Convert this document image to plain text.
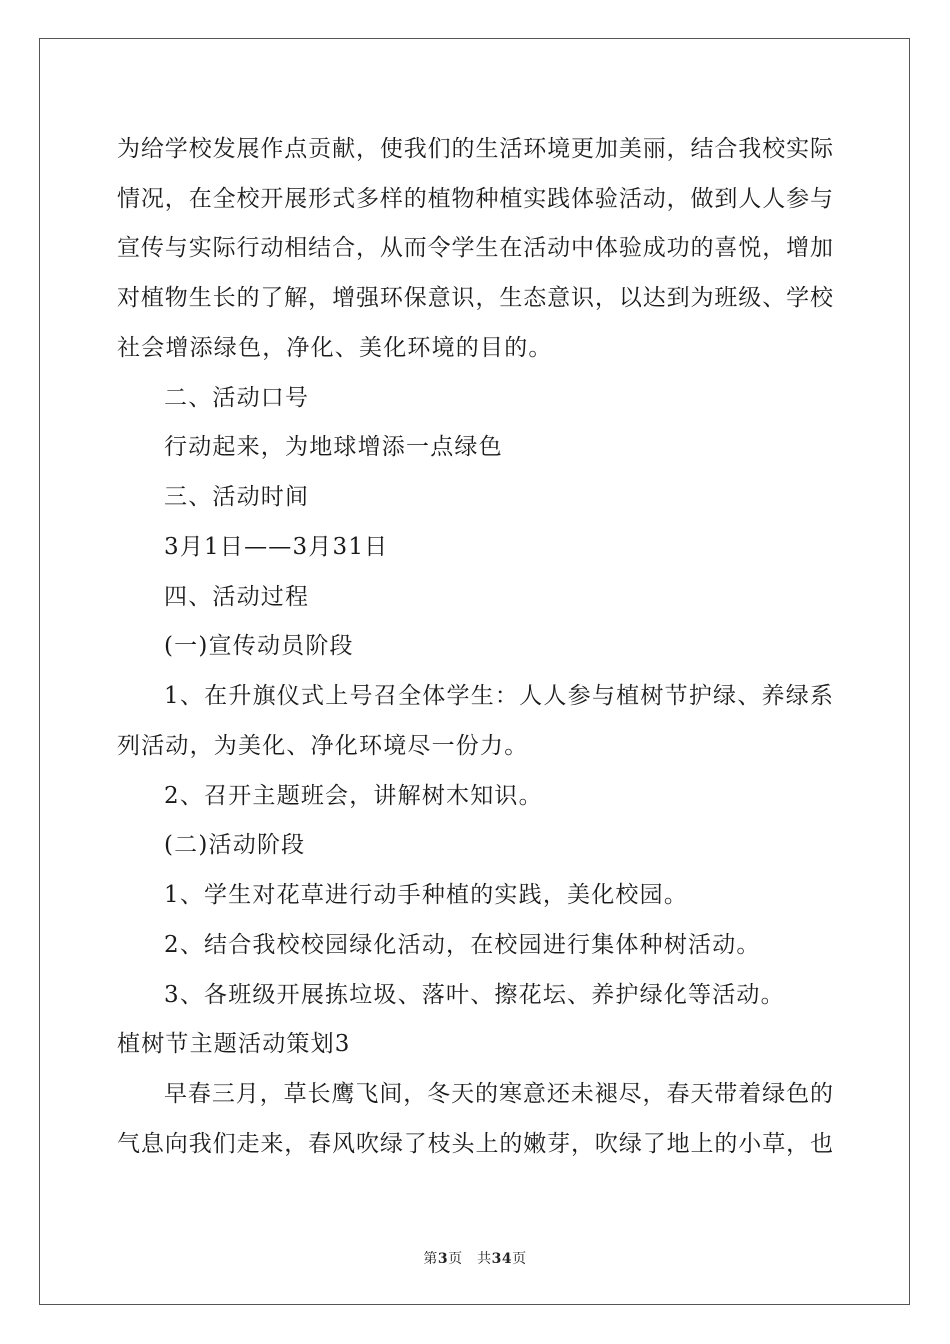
为给学校发展作点贡献，使我们的生活环境更加美丽，结合我校实际
情况，在全校开展形式多样的植物种植实践体验活动，做到人人参与
宣传与实际行动相结合，从而令学生在活动中体验成功的喜悦，增加
对植物生长的了解，增强环保意识，生态意识，以达到为班级、学校
社会增添绿色，净化、美化环境的目的。
二、活动口号
行动起来，为地球增添一点绿色
三、活动时间
3月1日——3月31日
四、活动过程
(一)宣传动员阶段
1、在升旗仪式上号召全体学生：人人参与植树节护绿、养绿系
列活动，为美化、净化环境尽一份力。
2、召开主题班会，讲解树木知识。
(二)活动阶段
1、学生对花草进行动手种植的实践，美化校园。
2、结合我校校园绿化活动，在校园进行集体种树活动。
3、各班级开展拣垃圾、落叶、擦花坛、养护绿化等活动。
植树节主题活动策划3
早春三月，草长鹰飞间，冬天的寒意还未褪尽，春天带着绿色的
气息向我们走来，春风吹绿了枝头上的嫩芽，吹绿了地上的小草，也
第3页　共34页
